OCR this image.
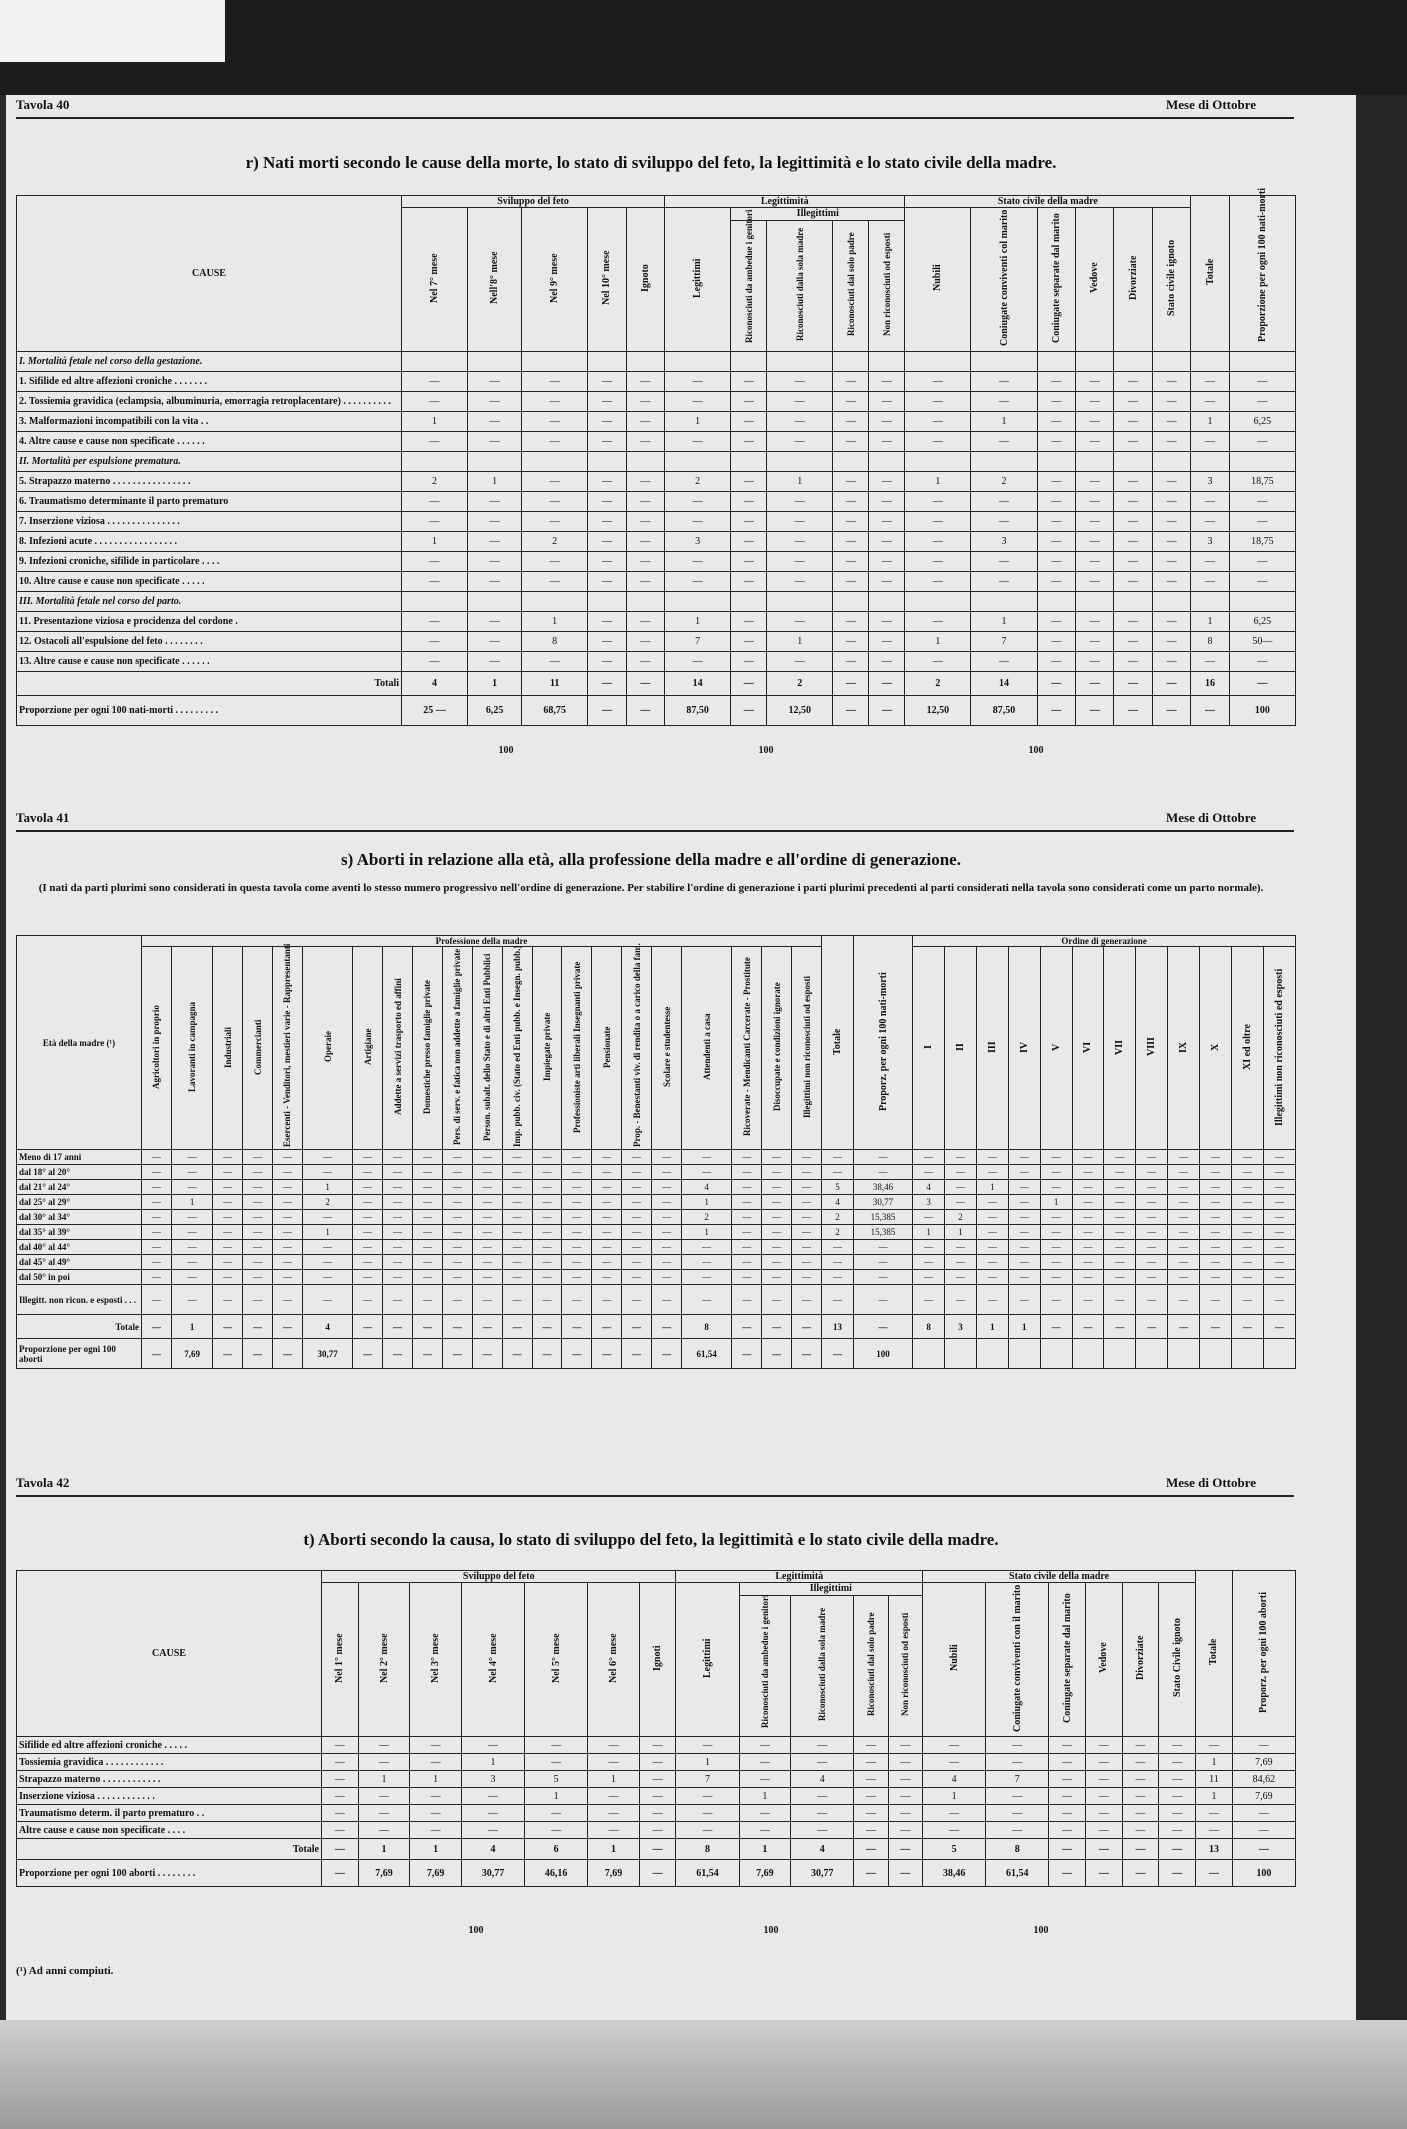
Tavola 40	Mese di Ottobre
r) Nati morti secondo le cause della morte, lo stato di sviluppo del feto, la legittimità e lo stato civile della madre.
CAUSE	Sviluppo del feto					Legittimità					Stato civile della madre						Totale	Proporzione per ogni 100 nati-morti
	Nel 7° mese	Nell'8° mese	Nel 9° mese	Nel 10° mese	Ignoto	Legittimi	Illegittimi				Nubili	Coniugate conviventi col marito	Coniugate separate dal marito	Vedove	Divorziate	Stato civile ignoto		
							Riconosciuti da ambedue i genitori	Riconosciuti dalla sola madre	Riconosciuti dal solo padre	Non riconosciuti od esposti								
I. Mortalità fetale nel corso della gestazione.																		
1. Sifilide ed altre affezioni croniche . . . . . . .	—	—	—	—	—	—	—	—	—	—	—	—	—	—	—	—	—	—
2. Tossiemia gravidica (eclampsia, albuminuria, emorragia retroplacentare) . . . . . . . . . .	—	—	—	—	—	—	—	—	—	—	—	—	—	—	—	—	—	—
3. Malformazioni incompatibili con la vita . .	1	—	—	—	—	1	—	—	—	—	—	1	—	—	—	—	1	6,25
4. Altre cause e cause non specificate . . . . . .	—	—	—	—	—	—	—	—	—	—	—	—	—	—	—	—	—	—
II. Mortalità per espulsione prematura.																		
5. Strapazzo materno . . . . . . . . . . . . . . . .	2	1	—	—	—	2	—	1	—	—	1	2	—	—	—	—	3	18,75
6. Traumatismo determinante il parto prematuro	—	—	—	—	—	—	—	—	—	—	—	—	—	—	—	—	—	—
7. Inserzione viziosa . . . . . . . . . . . . . . .	—	—	—	—	—	—	—	—	—	—	—	—	—	—	—	—	—	—
8. Infezioni acute . . . . . . . . . . . . . . . . .	1	—	2	—	—	3	—	—	—	—	—	3	—	—	—	—	3	18,75
9. Infezioni croniche, sifilide in particolare . . . .	—	—	—	—	—	—	—	—	—	—	—	—	—	—	—	—	—	—
10. Altre cause e cause non specificate . . . . .	—	—	—	—	—	—	—	—	—	—	—	—	—	—	—	—	—	—
III. Mortalità fetale nel corso del parto.																		
11. Presentazione viziosa e procidenza del cordone .	—	—	1	—	—	1	—	—	—	—	—	1	—	—	—	—	1	6,25
12. Ostacoli all'espulsione del feto . . . . . . . .	—	—	8	—	—	7	—	1	—	—	1	7	—	—	—	—	8	50—
13. Altre cause e cause non specificate . . . . . .	—	—	—	—	—	—	—	—	—	—	—	—	—	—	—	—	—	—
Totali	4	1	11	—	—	14	—	2	—	—	2	14	—	—	—	—	16	—
Proporzione per ogni 100 nati-morti . . . . . . . . .	25 —	6,25	68,75	—	—	87,50	—	12,50	—	—	12,50	87,50	—	—	—	—	—	100
100	100	100
Tavola 41	Mese di Ottobre
s) Aborti in relazione alla età, alla professione della madre e all'ordine di generazione.
(I nati da parti plurimi sono considerati in questa tavola come aventi lo stesso numero progressivo nell'ordine di generazione. Per stabilire l'ordine di generazione i parti plurimi precedenti al parti considerati nella tavola sono considerati come un parto normale).
Età della madre (¹)	Professione della madre																					Totale	Proporz. per ogni 100 nati-morti	Ordine di generazione											
	Agricoltori in proprio	Lavoranti in campagna	Industriali	Commercianti	Esercenti - Venditori, mestieri varie - Rappresentanti	Operaie	Artigiane	Addette a servizi trasporto ed affini	Domestiche presso famiglie private	Pers. di serv. e fatica non addette a famiglie private	Person. subalt. dello Stato e di altri Enti Pubblici	Imp. pubb. civ. (Stato ed Enti pubb. e Insegn. pubb.)	Impiegate private	Professioniste arti liberali Insegnanti private	Pensionate	Prop. - Benestanti viv. di rendita o a carico della fam.	Scolare e studentesse	Attendenti a casa	Ricoverate - Mendicanti Carcerate - Prostitute	Disoccupate e condizioni ignorate	Illegittimi non riconosciuti od esposti			I	II	III	IV	V	VI	VII	VIII	IX	X	XI ed oltre	Illegittimi non riconosciuti ed esposti
Meno di 17 anni	—	—	—	—	—	—	—	—	—	—	—	—	—	—	—	—	—	—	—	—	—	—	—	—	—	—	—	—	—	—	—	—	—	—	—
dal 18° al 20°	—	—	—	—	—	—	—	—	—	—	—	—	—	—	—	—	—	—	—	—	—	—	—	—	—	—	—	—	—	—	—	—	—	—	—
dal 21° al 24°	—	—	—	—	—	1	—	—	—	—	—	—	—	—	—	—	—	4	—	—	—	5	38,46	4	—	1	—	—	—	—	—	—	—	—	—
dal 25° al 29°	—	1	—	—	—	2	—	—	—	—	—	—	—	—	—	—	—	1	—	—	—	4	30,77	3	—	—	—	1	—	—	—	—	—	—	—
dal 30° al 34°	—	—	—	—	—	—	—	—	—	—	—	—	—	—	—	—	—	2	—	—	—	2	15,385	—	2	—	—	—	—	—	—	—	—	—	—
dal 35° al 39°	—	—	—	—	—	1	—	—	—	—	—	—	—	—	—	—	—	1	—	—	—	2	15,385	1	1	—	—	—	—	—	—	—	—	—	—
dal 40° al 44°	—	—	—	—	—	—	—	—	—	—	—	—	—	—	—	—	—	—	—	—	—	—	—	—	—	—	—	—	—	—	—	—	—	—	—
dal 45° al 49°	—	—	—	—	—	—	—	—	—	—	—	—	—	—	—	—	—	—	—	—	—	—	—	—	—	—	—	—	—	—	—	—	—	—	—
dal 50° in poi	—	—	—	—	—	—	—	—	—	—	—	—	—	—	—	—	—	—	—	—	—	—	—	—	—	—	—	—	—	—	—	—	—	—	—
Illegitt. non ricon. e esposti . . .	—	—	—	—	—	—	—	—	—	—	—	—	—	—	—	—	—	—	—	—	—	—	—	—	—	—	—	—	—	—	—	—	—	—	—
Totale	—	1	—	—	—	4	—	—	—	—	—	—	—	—	—	—	—	8	—	—	—	13	—	8	3	1	1	—	—	—	—	—	—	—	—
Proporzione per ogni 100 aborti	—	7,69	—	—	—	30,77	—	—	—	—	—	—	—	—	—	—	—	61,54	—	—	—	—	100												
Tavola 42	Mese di Ottobre
t) Aborti secondo la causa, lo stato di sviluppo del feto, la legittimità e lo stato civile della madre.
CAUSE	Sviluppo del feto							Legittimità					Stato civile della madre						Totale	Proporz. per ogni 100 aborti
	Nel 1° mese	Nel 2° mese	Nel 3° mese	Nel 4° mese	Nel 5° mese	Nel 6° mese	Ignoti	Legittimi	Illegittimi				Nubili	Coniugate conviventi con il marito	Coniugate separate dal marito	Vedove	Divorziate	Stato Civile ignoto		
									Riconosciuti da ambedue i genitori	Riconosciuti dalla sola madre	Riconosciuti dal solo padre	Non riconosciuti od esposti								
Sifilide ed altre affezioni croniche . . . . .	—	—	—	—	—	—	—	—	—	—	—	—	—	—	—	—	—	—	—	—
Tossiemia gravidica . . . . . . . . . . . .	—	—	—	1	—	—	—	1	—	—	—	—	—	—	—	—	—	—	1	7,69
Strapazzo materno . . . . . . . . . . . .	—	1	1	3	5	1	—	7	—	4	—	—	4	7	—	—	—	—	11	84,62
Inserzione viziosa . . . . . . . . . . . .	—	—	—	—	1	—	—	—	1	—	—	—	1	—	—	—	—	—	1	7,69
Traumatismo determ. il parto prematuro . .	—	—	—	—	—	—	—	—	—	—	—	—	—	—	—	—	—	—	—	—
Altre cause e cause non specificate . . . .	—	—	—	—	—	—	—	—	—	—	—	—	—	—	—	—	—	—	—	—
Totale	—	1	1	4	6	1	—	8	1	4	—	—	5	8	—	—	—	—	13	—
Proporzione per ogni 100 aborti . . . . . . . .	—	7,69	7,69	30,77	46,16	7,69	—	61,54	7,69	30,77	—	—	38,46	61,54	—	—	—	—	—	100
100	100	100
(¹) Ad anni compiuti.
